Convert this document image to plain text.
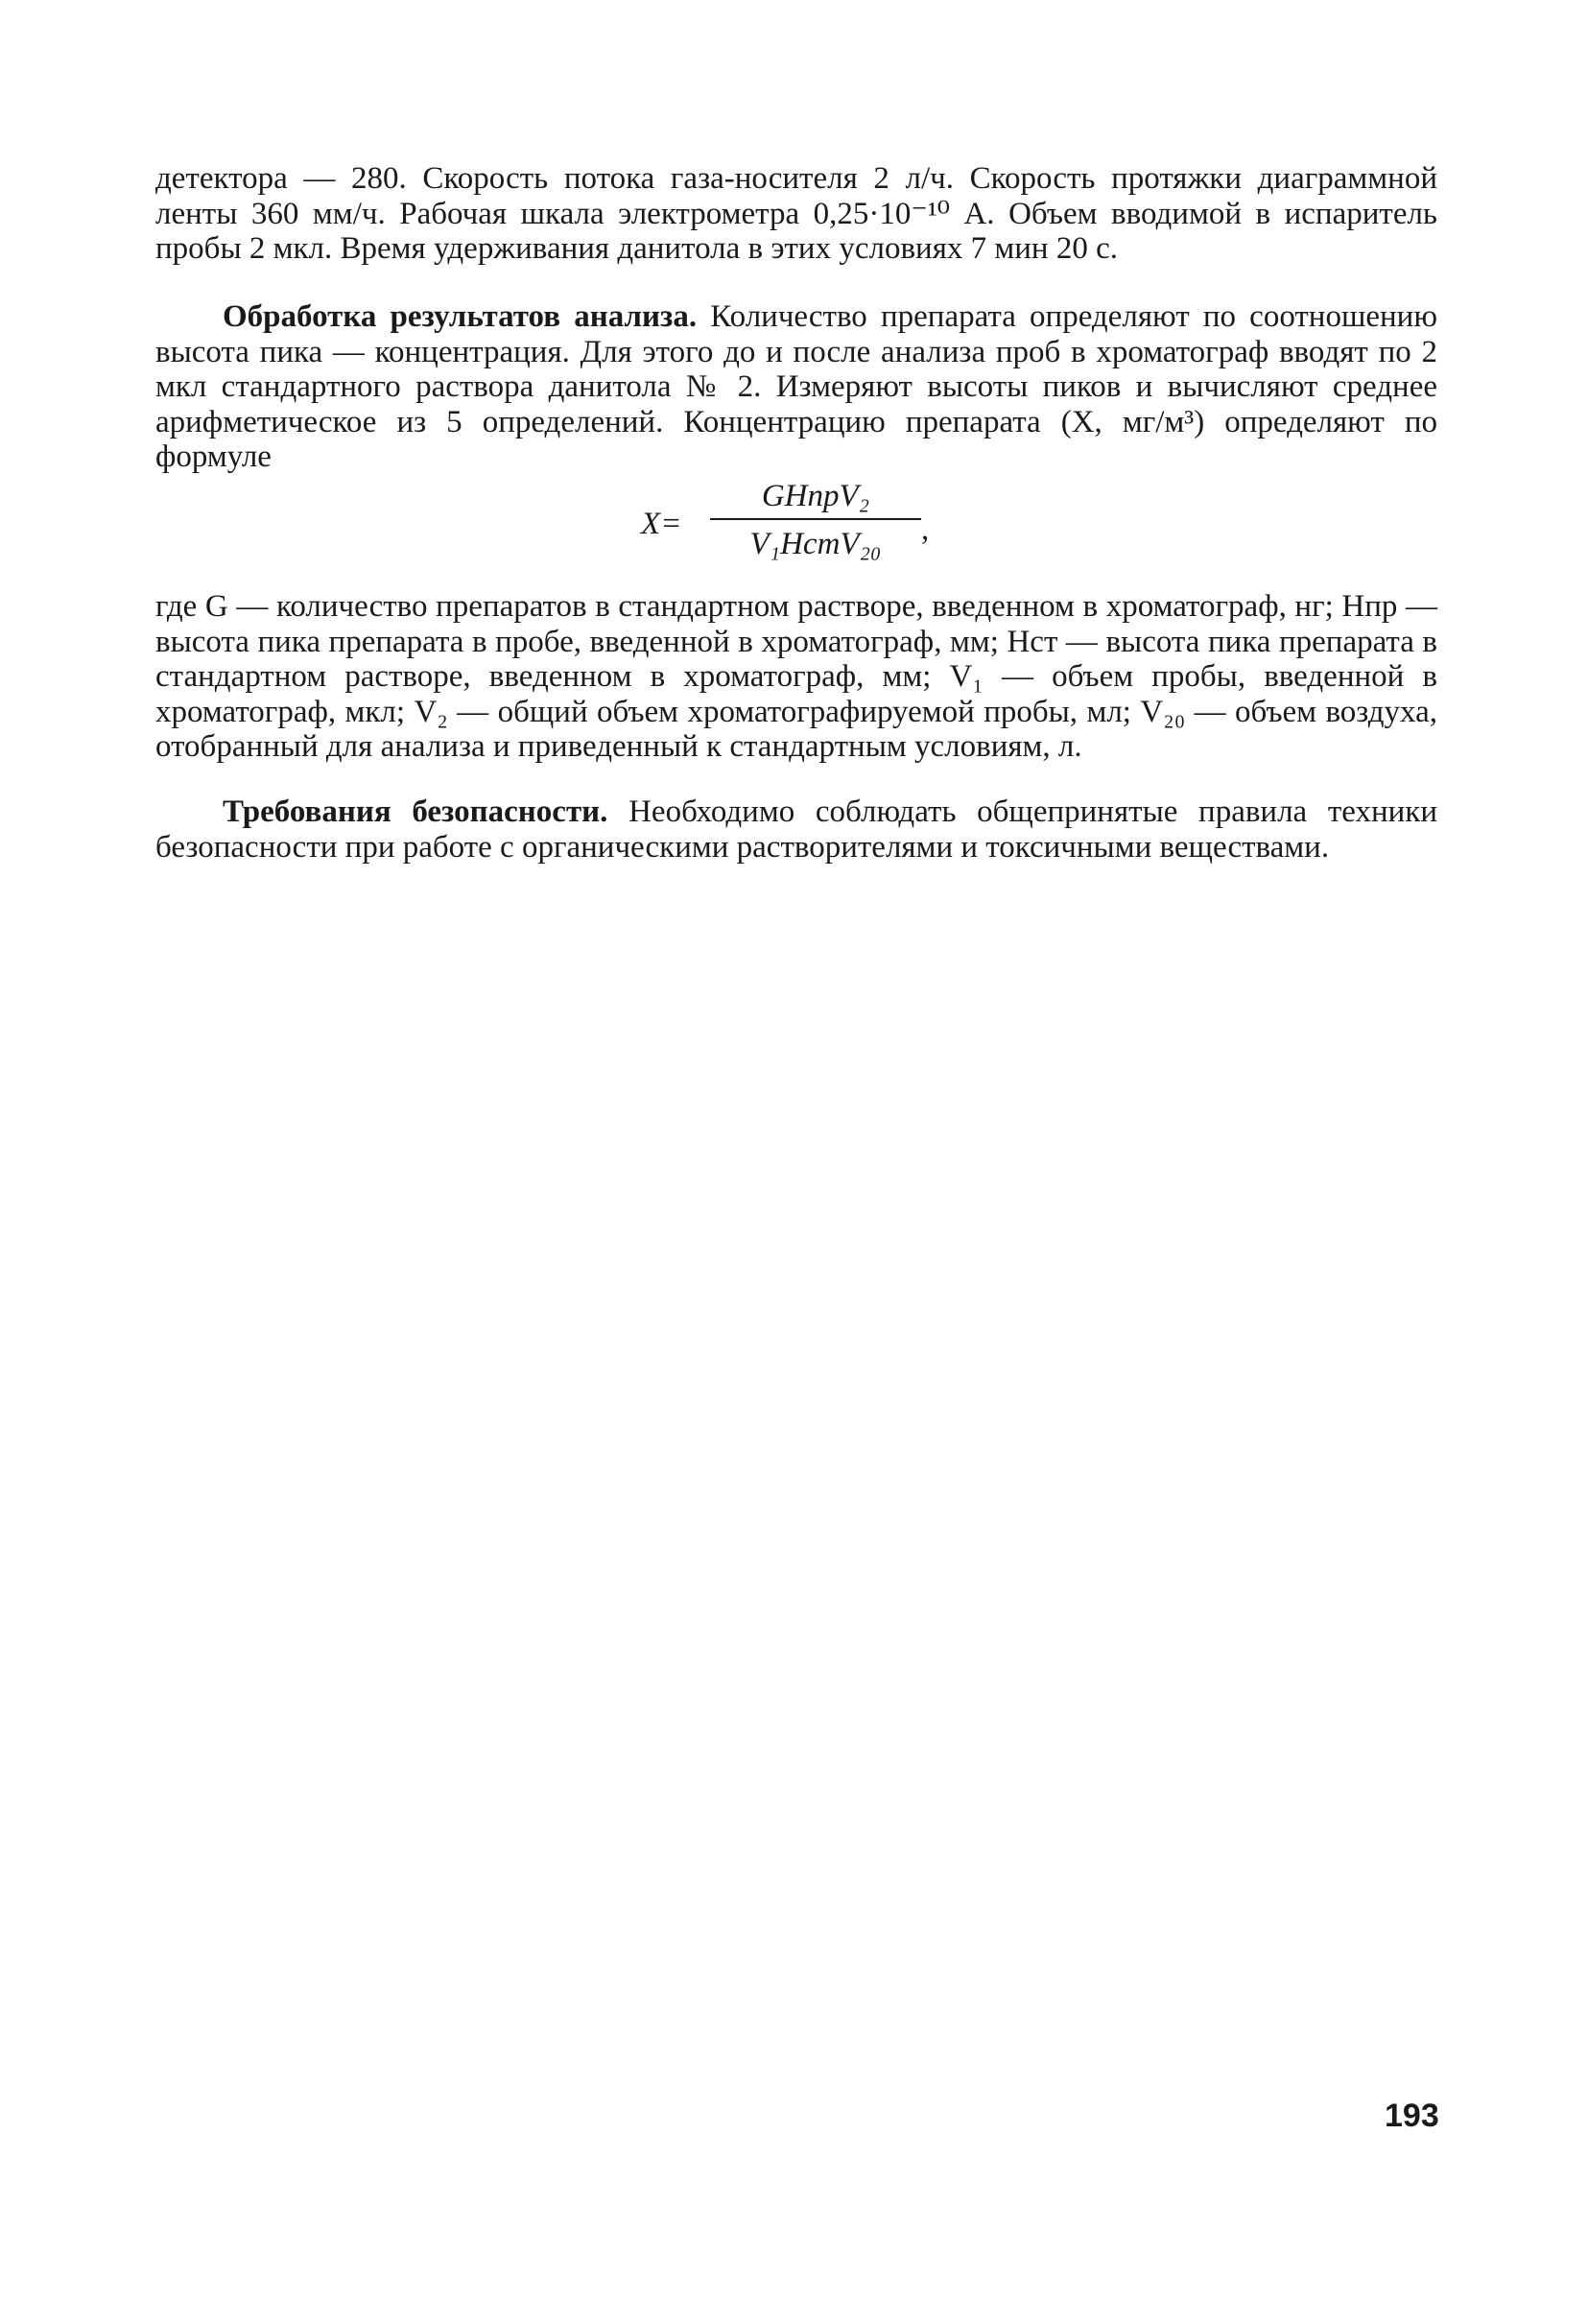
детектора — 280. Скорость потока газа-носителя 2 л/ч. Скорость протяжки диаграммной ленты 360 мм/ч. Рабочая шкала электрометра 0,25·10⁻¹⁰ А. Объем вводимой в испаритель пробы 2 мкл. Время удерживания данитола в этих условиях 7 мин 20 с.

Обработка результатов анализа. Количество препарата определяют по соотношению высота пика — концентрация. Для этого до и после анализа проб в хроматограф вводят по 2 мкл стандартного раствора данитола № 2. Измеряют высоты пиков и вычисляют среднее арифметическое из 5 определений. Концентрацию препарата (X, мг/м³) определяют по формуле

X=
GHпрV₂
V₁HстV₂₀	,

где G — количество препаратов в стандартном растворе, введенном в хроматограф, нг; Hпр — высота пика препарата в пробе, введенной в хроматограф, мм; Hст — высота пика препарата в стандартном растворе, введенном в хроматограф, мм; V₁ — объем пробы, введенной в хроматограф, мкл; V₂ — общий объем хроматографируемой пробы, мл; V₂₀ — объем воздуха, отобранный для анализа и приведенный к стандартным условиям, л.

Требования безопасности. Необходимо соблюдать общепринятые правила техники безопасности при работе с органическими растворителями и токсичными веществами.

193
